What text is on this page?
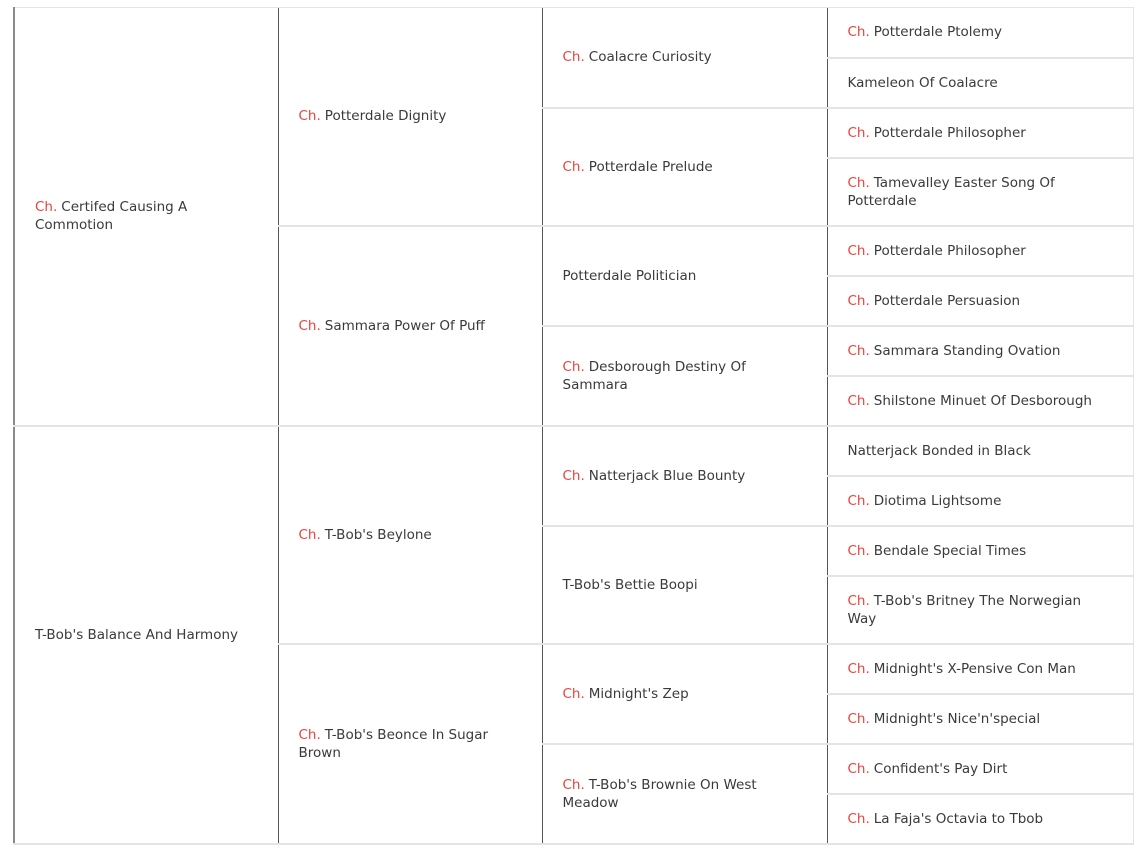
Ch. Certifed Causing A Commotion	Ch. Potterdale Dignity	Ch. Coalacre Curiosity	Ch. Potterdale Ptolemy
			Kameleon Of Coalacre
		Ch. Potterdale Prelude	Ch. Potterdale Philosopher
			Ch. Tamevalley Easter Song Of Potterdale
	Ch. Sammara Power Of Puff	Potterdale Politician	Ch. Potterdale Philosopher
			Ch. Potterdale Persuasion
		Ch. Desborough Destiny Of Sammara	Ch. Sammara Standing Ovation
			Ch. Shilstone Minuet Of Desborough
T-Bob's Balance And Harmony	Ch. T-Bob's Beylone	Ch. Natterjack Blue Bounty	Natterjack Bonded in Black
			Ch. Diotima Lightsome
		T-Bob's Bettie Boopi	Ch. Bendale Special Times
			Ch. T-Bob's Britney The Norwegian Way
	Ch. T-Bob's Beonce In Sugar Brown	Ch. Midnight's Zep	Ch. Midnight's X-Pensive Con Man
			Ch. Midnight's Nice'n'special
		Ch. T-Bob's Brownie On West Meadow	Ch. Confident's Pay Dirt
			Ch. La Faja's Octavia to Tbob
